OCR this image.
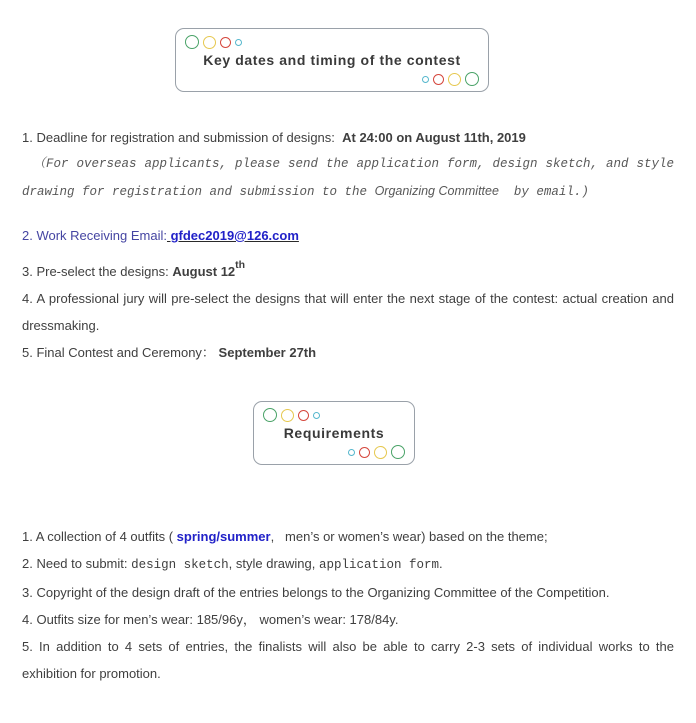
Key dates and timing of the contest

1. Deadline for registration and submission of designs:  At 24:00 on August 11th, 2019

（For overseas applicants, please send the application form, design sketch, and style drawing for registration and submission to the Organizing Committee  by email.)

2. Work Receiving Email: gfdec2019@126.com

3. Pre-select the designs: August 12th

4. A professional jury will pre-select the designs that will enter the next stage of the contest: actual creation and dressmaking.

5. Final Contest and Ceremony： September 27th

Requirements

1. A collection of 4 outfits ( spring/summer,   men’s or women’s wear) based on the theme;

2. Need to submit: design sketch, style drawing, application form.

3. Copyright of the design draft of the entries belongs to the Organizing Committee of the Competition.

4. Outfits size for men’s wear: 185/96y， women’s wear: 178/84y.

5. In addition to 4 sets of entries, the finalists will also be able to carry 2-3 sets of individual works to the exhibition for promotion.
